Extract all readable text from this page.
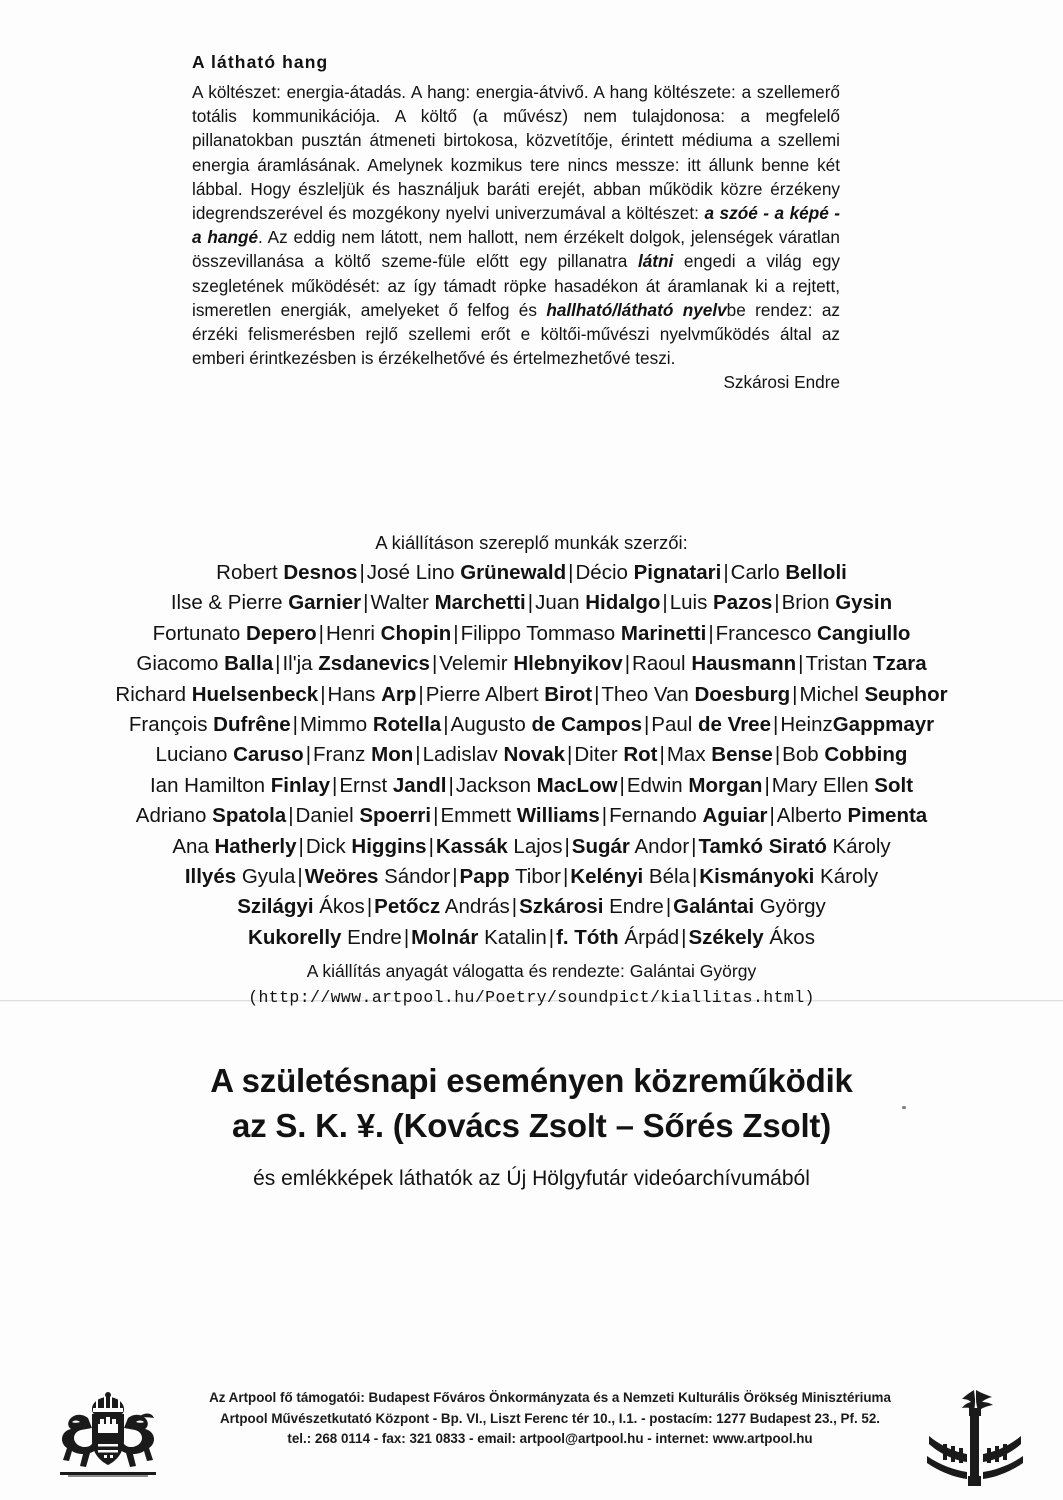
A látható hang
A költészet: energia-átadás. A hang: energia-átvivő. A hang költészete: a szellemerő totális kommunikációja. A költő (a művész) nem tulajdonosa: a megfelelő pillanatokban pusztán átmeneti birtokosa, közvetítője, érintett médiuma a szellemi energia áramlásának. Amelynek kozmikus tere nincs messze: itt állunk benne két lábbal. Hogy észleljük és használjuk baráti erejét, abban működik közre érzékeny idegrendszerével és mozgékony nyelvi univerzumával a költészet: a szóé - a képé - a hangé. Az eddig nem látott, nem hallott, nem érzékelt dolgok, jelenségek váratlan összevillanása a költő szeme-füle előtt egy pillanatra látni engedi a világ egy szegletének működését: az így támadt röpke hasadékon át áramlanak ki a rejtett, ismeretlen energiák, amelyeket ő felfog és hallható/látható nyelvbe rendez: az érzéki felismerésben rejlő szellemi erőt e költői-művészi nyelvműködés által az emberi érintkezésben is érzékelhetővé és értelmezhetővé teszi.
Szkárosi Endre
A kiállításon szereplő munkák szerzői:
Robert Desnos|José Lino Grünewald|Décio Pignatari|Carlo Belloli
Ilse & Pierre Garnier|Walter Marchetti|Juan Hidalgo|Luis Pazos|Brion Gysin
Fortunato Depero|Henri Chopin|Filippo Tommaso Marinetti|Francesco Cangiullo
Giacomo Balla|Il'ja Zsdanevics|Velemir Hlebnyikov|Raoul Hausmann|Tristan Tzara
Richard Huelsenbeck|Hans Arp|Pierre Albert Birot|Theo Van Doesburg|Michel Seuphor
François Dufrêne|Mimmo Rotella|Augusto de Campos|Paul de Vree|HeinzGappmayr
Luciano Caruso|Franz Mon|Ladislav Novak|Diter Rot|Max Bense|Bob Cobbing
Ian Hamilton Finlay|Ernst Jandl|Jackson MacLow|Edwin Morgan|Mary Ellen Solt
Adriano Spatola|Daniel Spoerri|Emmett Williams|Fernando Aguiar|Alberto Pimenta
Ana Hatherly|Dick Higgins|Kassák Lajos|Sugár Andor|Tamkó Sirató Károly
Illyés Gyula|Weöres Sándor|Papp Tibor|Kelényi Béla|Kismányoki Károly
Szilágyi Ákos|Petőcz András|Szkárosi Endre|Galántai György
Kukorelly Endre|Molnár Katalin|f. Tóth Árpád|Székely Ákos
A kiállítás anyagát válogatta és rendezte: Galántai György
(http://www.artpool.hu/Poetry/soundpict/kiallitas.html)
A születésnapi eseményen közreműködik
az S. K. ¥. (Kovács Zsolt – Sőrés Zsolt)
és emlékképek láthatók az Új Hölgyfutár videóarchívumából
Az Artpool fő támogatói: Budapest Főváros Önkormányzata és a Nemzeti Kulturális Örökség Minisztériuma
Artpool Művészetkutató Központ - Bp. VI., Liszt Ferenc tér 10., I.1. - postacím: 1277 Budapest 23., Pf. 52.
tel.: 268 0114 - fax: 321 0833 - email: artpool@artpool.hu - internet: www.artpool.hu
